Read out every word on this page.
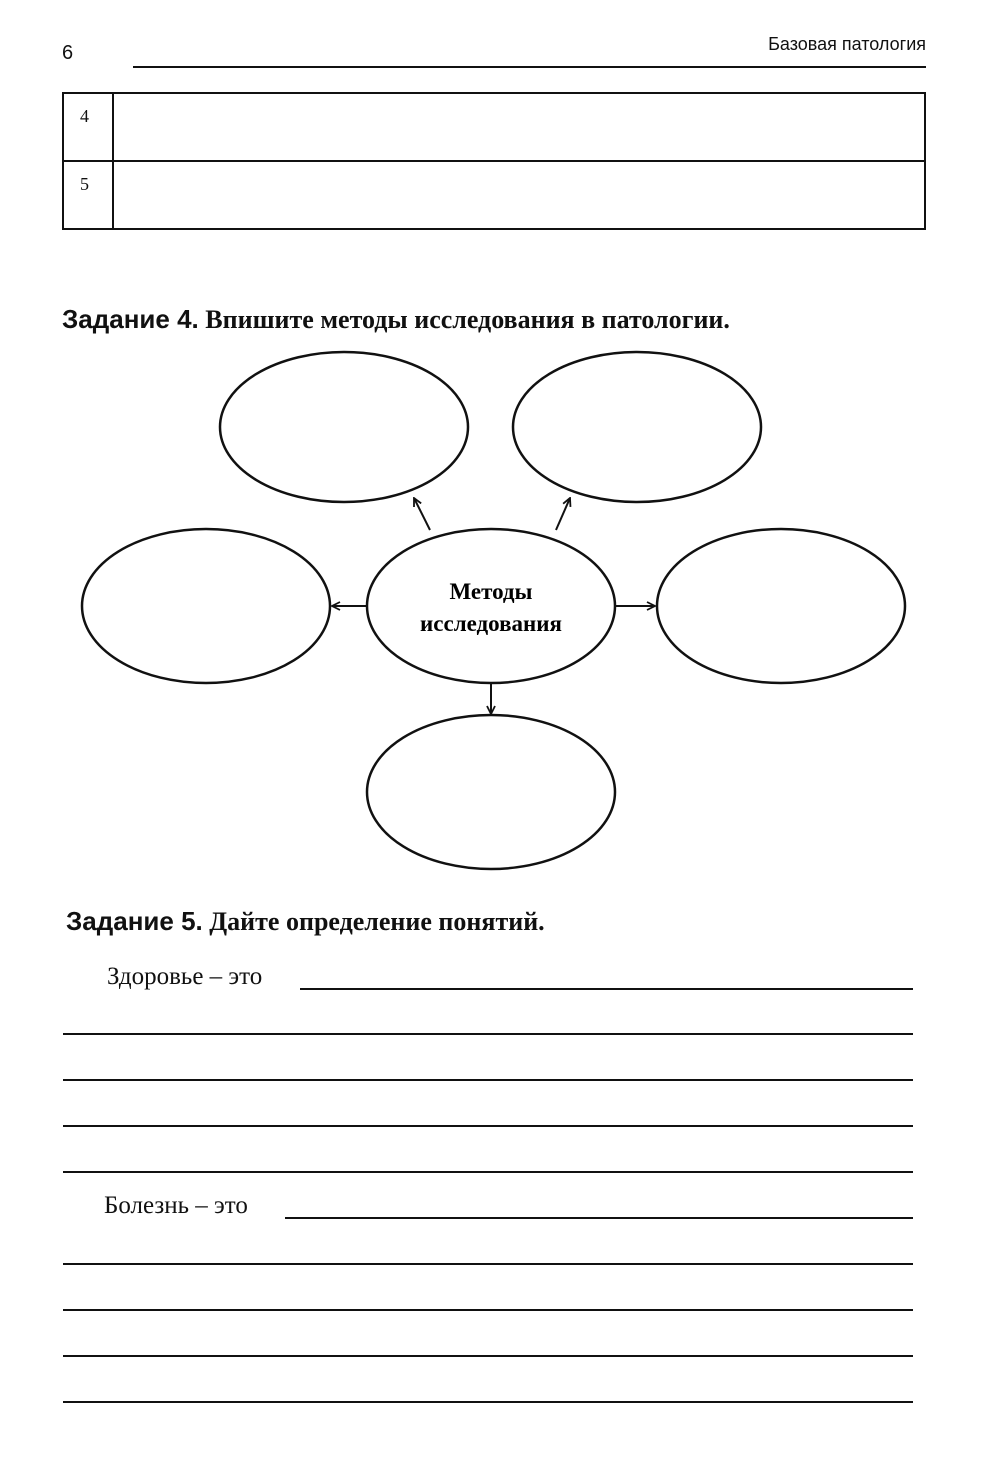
6	Базовая патология
4	
5	
Задание 4. Впишите методы исследования в патологии.
Методы
исследования
Задание 5. Дайте определение понятий.
Здоровье – это
Болезнь – это
